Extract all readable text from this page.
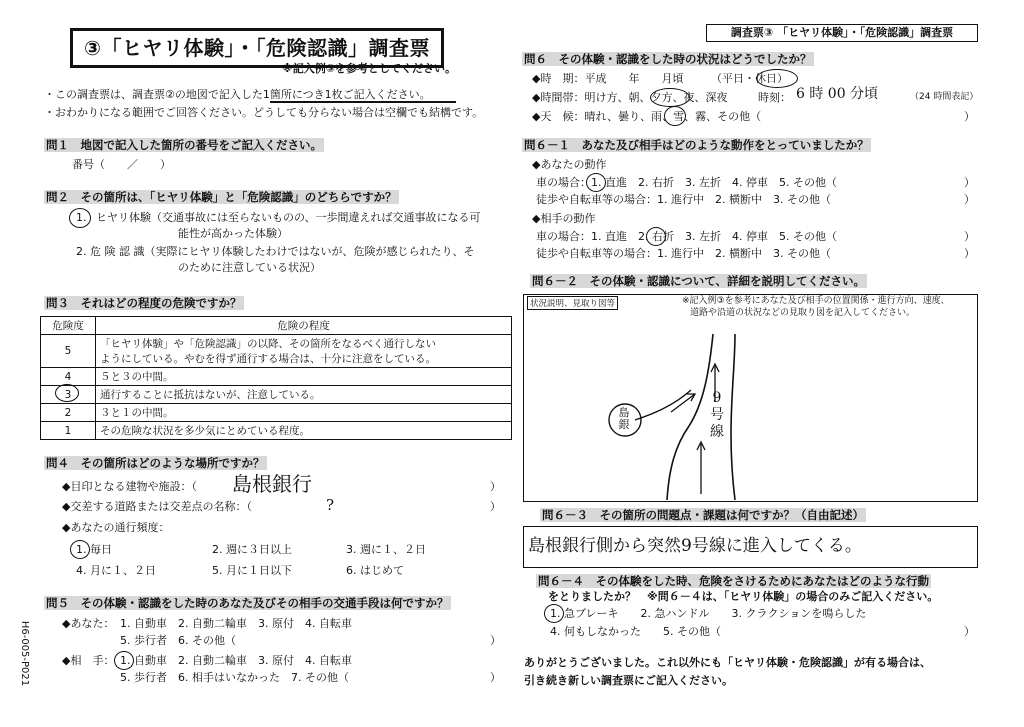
③「ヒヤリ体験」・「危険認識」調査票
※記入例③を参考としてください。
調査票③ 「ヒヤリ体験」・「危険認識」調査票
H6-005-P021
・この調査票は、調査票②の地図で記入した1箇所につき1枚ご記入ください。
・おわかりになる範囲でご回答ください。どうしても分らない場合は空欄でも結構です。
問１　地図で記入した箇所の番号をご記入ください。
番号（　　／　　）
問２　その箇所は、「ヒヤリ体験」と「危険認識」のどちらですか？
1. ヒヤリ体験（交通事故には至らないものの、一歩間違えれば交通事故になる可
能性が高かった体験）
2. 危 険 認 識（実際にヒヤリ体験したわけではないが、危険が感じられたり、そ
のために注意している状況）
問３　それはどの程度の危険ですか？
危険度	危険の程度
5	「ヒヤリ体験」や「危険認識」の以降、その箇所をなるべく通行しない
ようにしている。やむを得ず通行する場合は、十分に注意をしている。
4	５と３の中間。
3	通行することに抵抗はないが、注意している。
2	３と１の中間。
1	その危険な状況を多少気にとめている程度。
問４　その箇所はどのような場所ですか？
◆目印となる建物や施設：（ 島根銀行	）
◆交差する道路または交差点の名称：（	?	）
◆あなたの通行頻度：
1. 毎日	2. 週に３日以上	3. 週に１、２日
4. 月に１、２日	5. 月に１日以下	6. はじめて
問５　その体験・認識をした時のあなた及びその相手の交通手段は何ですか？
◆あなた： 1. 自動車　2. 自動二輪車　3. 原付　4. 自転車
5. 歩行者　6. その他（	）
◆相　手： 1. 自動車　2. 自動二輪車　3. 原付　4. 自転車
5. 歩行者　6. 相手はいなかった　7. その他（	）
問６　その体験・認識をした時の状況はどうでしたか？
◆時　期：平成　　年　　月頃　　　（平日・休日）
◆時間帯：明け方、朝、夕方、夜、深夜	時刻： 6 時 00 分頃	（24 時間表記）
◆天　候：晴れ、曇り、雨、雪、霧、その他（	）
問６－１　あなた及び相手はどのような動作をとっていましたか？
◆あなたの動作
車の場合：1. 直進　2. 右折　3. 左折　4. 停車　5. その他（	）
徒歩や自転車等の場合：1. 進行中　2. 横断中　3. その他（	）
◆相手の動作
車の場合：1. 直進　2. 右折　3. 左折　4. 停車　5. その他（	）
徒歩や自転車等の場合：1. 進行中　2. 横断中　3. その他（	）
問６－２　その体験・認識について、詳細を説明してください。
状況説明、見取り図等	※記入例③を参考にあなた及び相手の位置関係・進行方向、速度、
道路や沿道の状況などの見取り図を記入してください。
島銀
9号線
問６－３　その箇所の問題点・課題は何ですか？（自由記述）
島根銀行側から突然9号線に進入してくる。
問６－４　その体験をした時、危険をさけるためにあなたはどのような行動
をとりましたか？　※問６－４は、「ヒヤリ体験」の場合のみご記入ください。
1. 急ブレーキ　　2. 急ハンドル　　3. クラクションを鳴らした
4. 何もしなかった　　5. その他（	）
ありがとうございました。これ以外にも「ヒヤリ体験・危険認識」が有る場合は、
引き続き新しい調査票にご記入ください。
